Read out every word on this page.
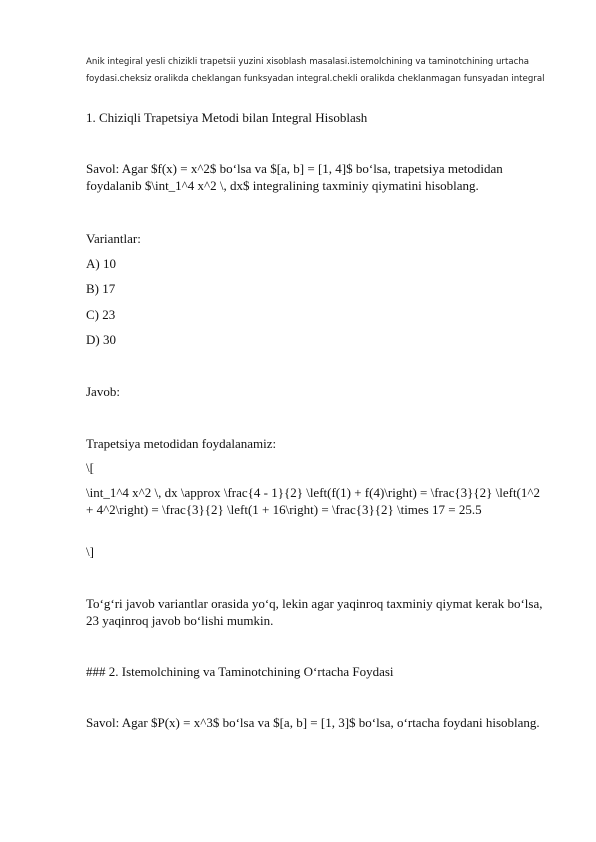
Anik integiral yesli chizikli trapetsii yuzini xisoblash masalasi.istemolchining va taminotchining urtacha foydasi.cheksiz oralikda cheklangan funksyadan integral.chekli oralikda cheklanmagan funsyadan integral
1. Chiziqli Trapetsiya Metodi bilan Integral Hisoblash
Savol: Agar $f(x) = x^2$ bo‘lsa va $[a, b] = [1, 4]$ bo‘lsa, trapetsiya metodidan foydalanib $\int_1^4 x^2 \, dx$ integralining taxminiy qiymatini hisoblang.
Variantlar:
A) 10
B) 17
C) 23
D) 30
Javob:
Trapetsiya metodidan foydalanamiz:
\[
\int_1^4 x^2 \, dx \approx \frac{4 - 1}{2} \left(f(1) + f(4)\right) = \frac{3}{2} \left(1^2 + 4^2\right) = \frac{3}{2} \left(1 + 16\right) = \frac{3}{2} \times 17 = 25.5
\]
To‘g‘ri javob variantlar orasida yo‘q, lekin agar yaqinroq taxminiy qiymat kerak bo‘lsa, 23 yaqinroq javob bo‘lishi mumkin.
### 2. Istemolchining va Taminotchining O‘rtacha Foydasi
Savol: Agar $P(x) = x^3$ bo‘lsa va $[a, b] = [1, 3]$ bo‘lsa, o‘rtacha foydani hisoblang.
